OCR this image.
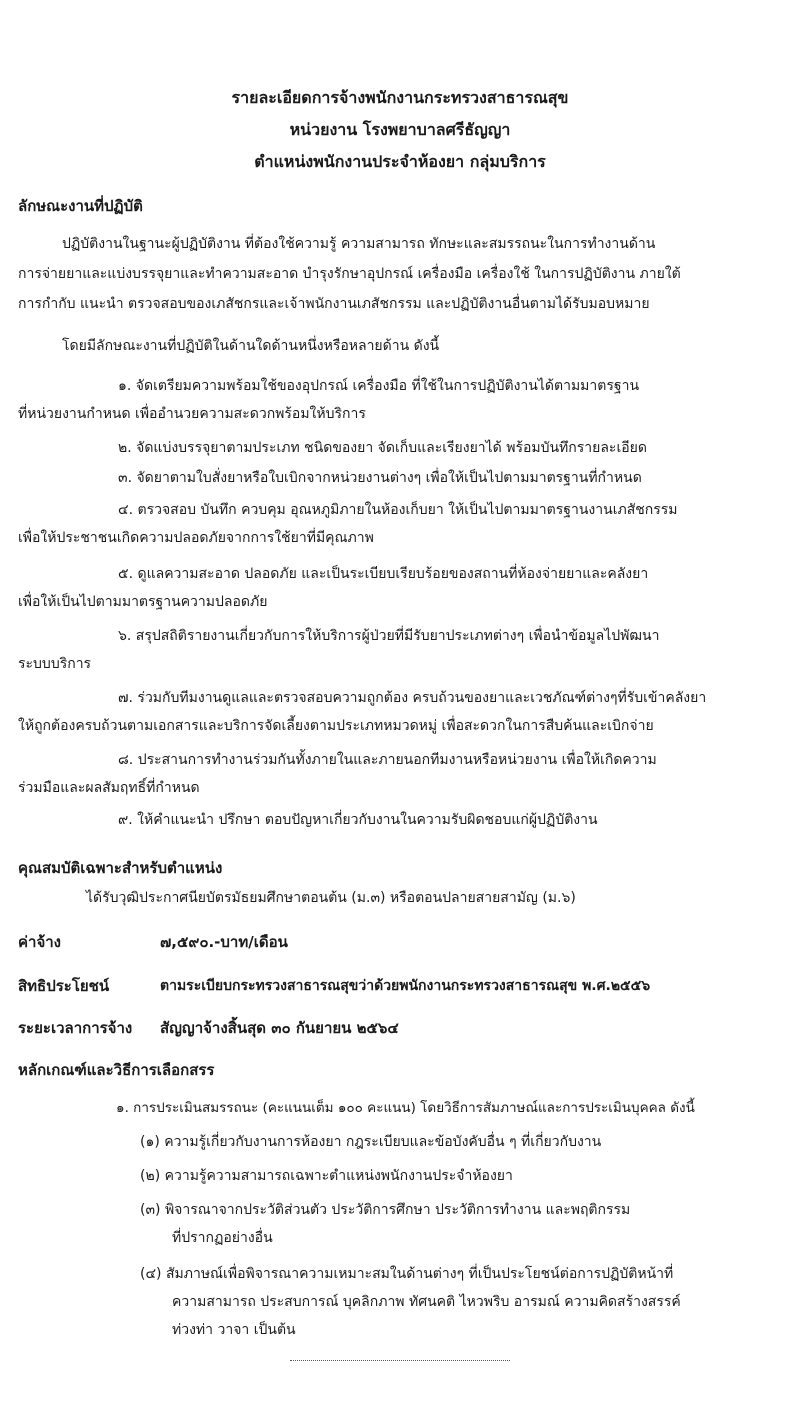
รายละเอียดการจ้างพนักงานกระทรวงสาธารณสุข
หน่วยงาน โรงพยาบาลศรีธัญญา
ตำแหน่งพนักงานประจำห้องยา กลุ่มบริการ
ลักษณะงานที่ปฏิบัติ
ปฏิบัติงานในฐานะผู้ปฏิบัติงาน ที่ต้องใช้ความรู้ ความสามารถ ทักษะและสมรรถนะในการทำงานด้าน
การจ่ายยาและแบ่งบรรจุยาและทำความสะอาด บำรุงรักษาอุปกรณ์ เครื่องมือ เครื่องใช้ ในการปฏิบัติงาน ภายใต้
การกำกับ แนะนำ ตรวจสอบของเภสัชกรและเจ้าพนักงานเภสัชกรรม และปฏิบัติงานอื่นตามได้รับมอบหมาย
โดยมีลักษณะงานที่ปฏิบัติในด้านใดด้านหนึ่งหรือหลายด้าน ดังนี้
๑. จัดเตรียมความพร้อมใช้ของอุปกรณ์ เครื่องมือ ที่ใช้ในการปฏิบัติงานได้ตามมาตรฐาน
ที่หน่วยงานกำหนด เพื่ออำนวยความสะดวกพร้อมให้บริการ
๒. จัดแบ่งบรรจุยาตามประเภท ชนิดของยา จัดเก็บและเรียงยาได้ พร้อมบันทึกรายละเอียด
๓. จัดยาตามใบสั่งยาหรือใบเบิกจากหน่วยงานต่างๆ เพื่อให้เป็นไปตามมาตรฐานที่กำหนด
๔. ตรวจสอบ บันทึก ควบคุม อุณหภูมิภายในห้องเก็บยา ให้เป็นไปตามมาตรฐานงานเภสัชกรรม
เพื่อให้ประชาชนเกิดความปลอดภัยจากการใช้ยาที่มีคุณภาพ
๕. ดูแลความสะอาด ปลอดภัย และเป็นระเบียบเรียบร้อยของสถานที่ห้องจ่ายยาและคลังยา
เพื่อให้เป็นไปตามมาตรฐานความปลอดภัย
๖. สรุปสถิติรายงานเกี่ยวกับการให้บริการผู้ป่วยที่มีรับยาประเภทต่างๆ เพื่อนำข้อมูลไปพัฒนา
ระบบบริการ
๗. ร่วมกับทีมงานดูแลและตรวจสอบความถูกต้อง ครบถ้วนของยาและเวชภัณฑ์ต่างๆที่รับเข้าคลังยา
ให้ถูกต้องครบถ้วนตามเอกสารและบริการจัดเลี้ยงตามประเภทหมวดหมู่ เพื่อสะดวกในการสืบค้นและเบิกจ่าย
๘. ประสานการทำงานร่วมกันทั้งภายในและภายนอกทีมงานหรือหน่วยงาน เพื่อให้เกิดความ
ร่วมมือและผลสัมฤทธิ์ที่กำหนด
๙. ให้คำแนะนำ ปรึกษา ตอบปัญหาเกี่ยวกับงานในความรับผิดชอบแก่ผู้ปฏิบัติงาน
คุณสมบัติเฉพาะสำหรับตำแหน่ง
ได้รับวุฒิประกาศนียบัตรมัธยมศึกษาตอนต้น (ม.๓) หรือตอนปลายสายสามัญ (ม.๖)
ค่าจ้าง	๗,๕๙๐.-บาท/เดือน
สิทธิประโยชน์	ตามระเบียบกระทรวงสาธารณสุขว่าด้วยพนักงานกระทรวงสาธารณสุข พ.ศ.๒๕๕๖
ระยะเวลาการจ้าง สัญญาจ้างสิ้นสุด ๓๐ กันยายน ๒๕๖๔
หลักเกณฑ์และวิธีการเลือกสรร
๑. การประเมินสมรรถนะ (คะแนนเต็ม ๑๐๐ คะแนน) โดยวิธีการสัมภาษณ์และการประเมินบุคคล ดังนี้
(๑) ความรู้เกี่ยวกับงานการห้องยา กฎระเบียบและข้อบังคับอื่น ๆ ที่เกี่ยวกับงาน
(๒) ความรู้ความสามารถเฉพาะตำแหน่งพนักงานประจำห้องยา
(๓) พิจารณาจากประวัติส่วนตัว ประวัติการศึกษา ประวัติการทำงาน และพฤติกรรม
ที่ปรากฏอย่างอื่น
(๔) สัมภาษณ์เพื่อพิจารณาความเหมาะสมในด้านต่างๆ ที่เป็นประโยชน์ต่อการปฏิบัติหน้าที่
ความสามารถ ประสบการณ์ บุคลิกภาพ ทัศนคติ ไหวพริบ อารมณ์ ความคิดสร้างสรรค์
ท่วงท่า วาจา เป็นต้น
